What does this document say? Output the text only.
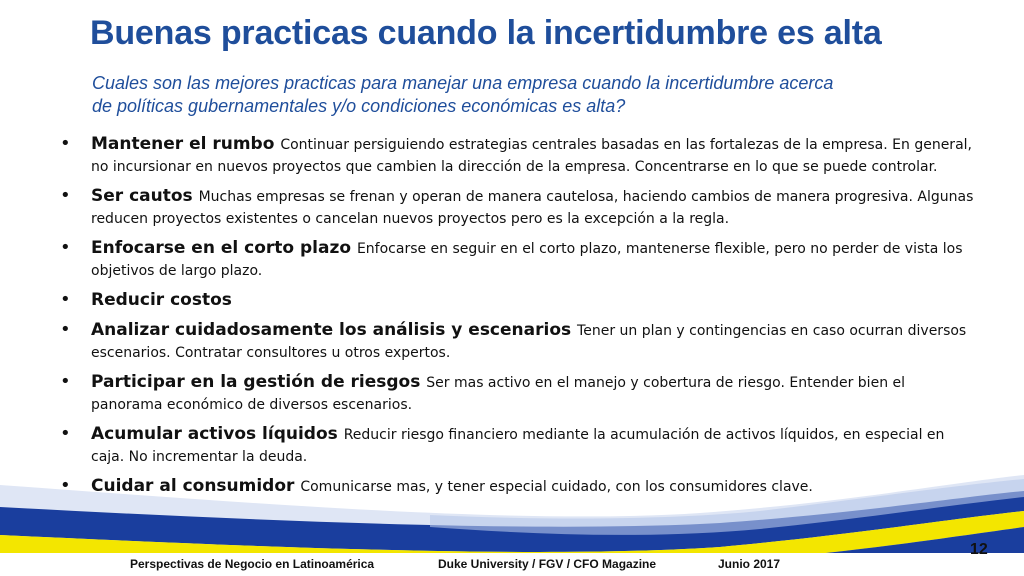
Buenas practicas cuando la incertidumbre es alta
Cuales son las mejores practicas para manejar una empresa cuando la incertidumbre acerca
de políticas gubernamentales y/o condiciones económicas es alta?
• Mantener el rumbo Continuar persiguiendo estrategias centrales basadas en las fortalezas de la empresa. En general, no incursionar en nuevos proyectos que cambien la dirección de la empresa. Concentrarse en lo que se puede controlar.
• Ser cautos Muchas empresas se frenan y operan de manera cautelosa, haciendo cambios de manera progresiva. Algunas reducen proyectos existentes o cancelan nuevos proyectos pero es la excepción a la regla.
• Enfocarse en el corto plazo Enfocarse en seguir en el corto plazo, mantenerse flexible, pero no perder de vista los objetivos de largo plazo.
• Reducir costos
• Analizar cuidadosamente los análisis y escenarios Tener un plan y contingencias en caso ocurran diversos escenarios. Contratar consultores u otros expertos.
• Participar en la gestión de riesgos Ser mas activo en el manejo y cobertura de riesgo. Entender bien el panorama económico de diversos escenarios.
• Acumular activos líquidos Reducir riesgo financiero mediante la acumulación de activos líquidos, en especial en caja. No incrementar la deuda.
• Cuidar al consumidor Comunicarse mas, y tener especial cuidado, con los consumidores clave.
12
Perspectivas de Negocio en Latinoamérica	Duke University / FGV / CFO Magazine	Junio 2017
